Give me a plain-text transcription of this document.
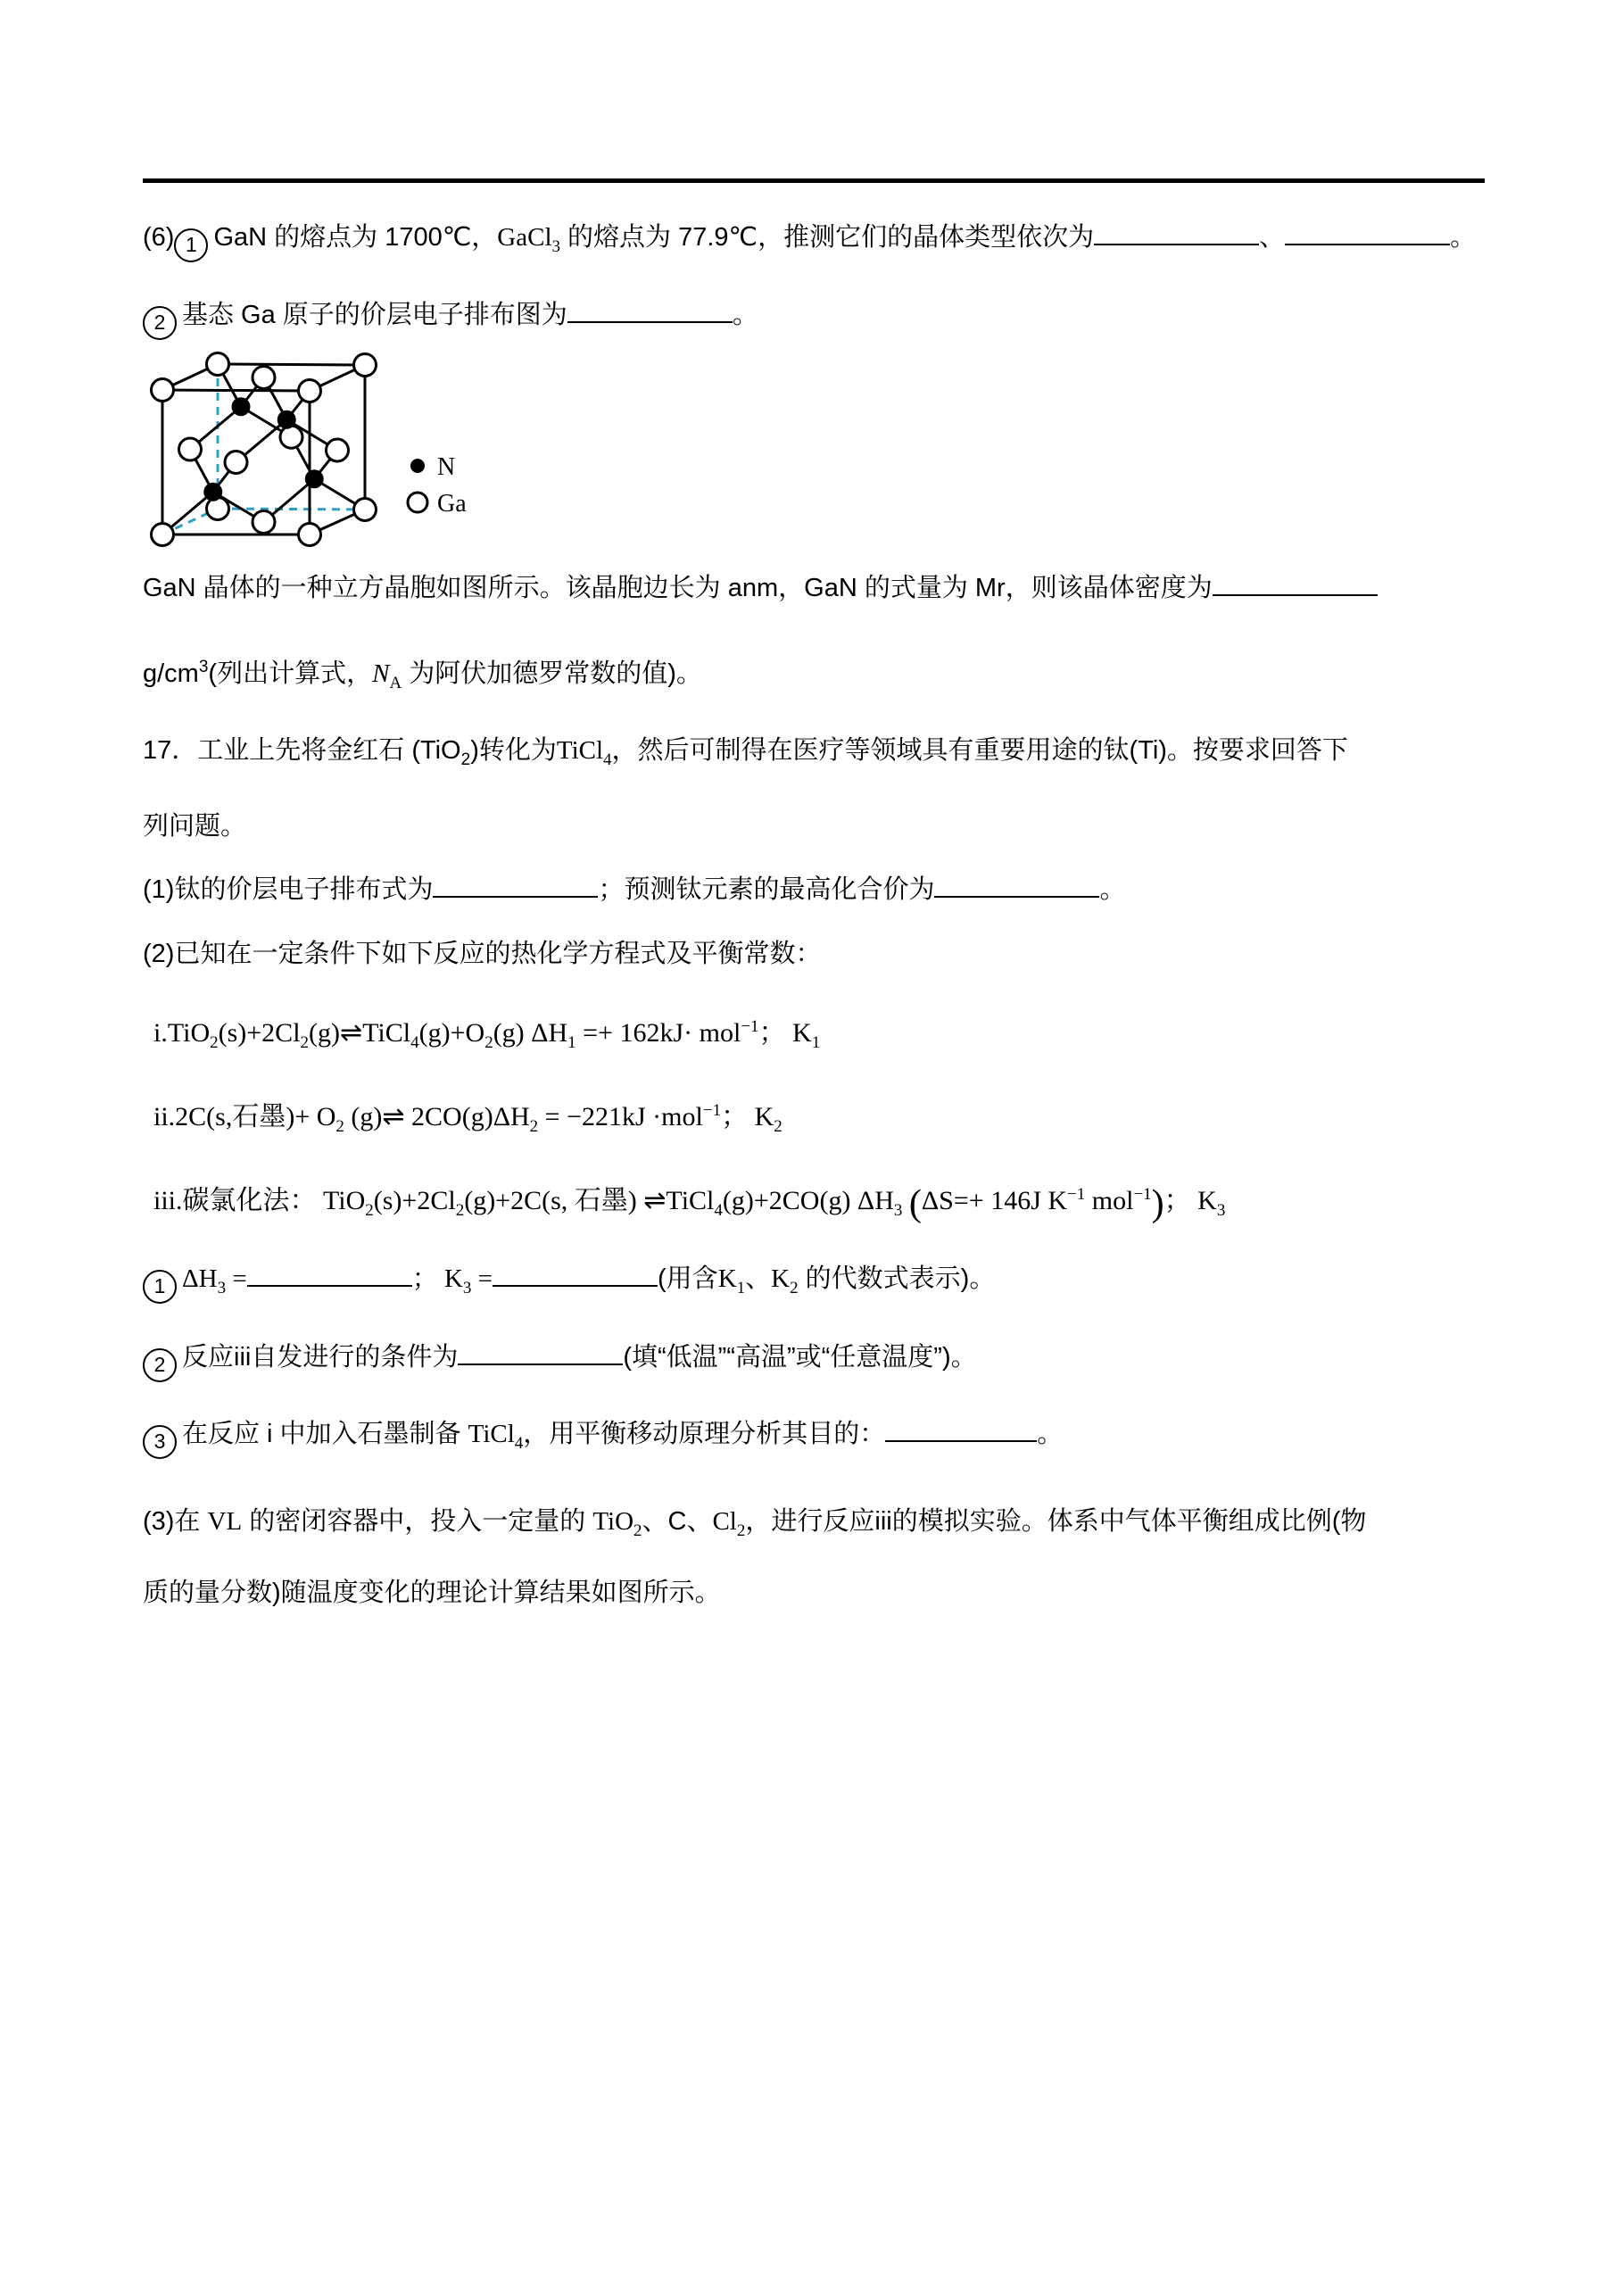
(6) 1 GaN 的熔点为 1700℃，GaCl$_3$ 的熔点为 77.9℃，推测它们的晶体类型依次为	、	。
2 基态 Ga 原子的价层电子排布图为	。
N
Ga
GaN 晶体的一种立方晶胞如图所示。该晶胞边长为 anm，GaN 的式量为 Mr，则该晶体密度为
$g/cm^3$(列出计算式，$N_A$ 为阿伏加德罗常数的值)。
17．工业上先将金红石 (TiO$_2$)转化为TiCl$_4$，然后可制得在医疗等领域具有重要用途的钛(Ti)。按要求回答下
列问题。
(1)钛的价层电子排布式为	；预测钛元素的最高化合价为	。
(2)已知在一定条件下如下反应的热化学方程式及平衡常数：
$i.TiO_2(s)+2Cl_2(g)\rightleftharpoons TiCl_4(g)+O_2(g) \Delta H_1 =+ 162kJ\cdot mol^{-1}$； $K_1$
ii.2C(s,石墨)+ $O_2$ (g)⇌ $2CO(g)\Delta H_2 = -221kJ \cdot mol^{-1}$； $K_2$
iii.碳氯化法： $TiO_2(s)+2Cl_2(g)+2C(s$, 石墨) ⇌TiCl$_4$(g)+2CO(g) $\Delta H_3$ (ΔS=+ 146J $K^{-1}$ mol$^{-1}$)； $K_3$
1 $\Delta H_3$ =	； $K_3$ =	(用含$K_1$、$K_2$ 的代数式表示)。
2 反应iii自发进行的条件为	(填“低温”“高温”或“任意温度”)。
3 在反应 i 中加入石墨制备 TiCl$_4$，用平衡移动原理分析其目的：	。
(3)在 VL 的密闭容器中，投入一定量的 TiO$_2$、C、$Cl_2$，进行反应iii的模拟实验。体系中气体平衡组成比例(物
质的量分数)随温度变化的理论计算结果如图所示。
